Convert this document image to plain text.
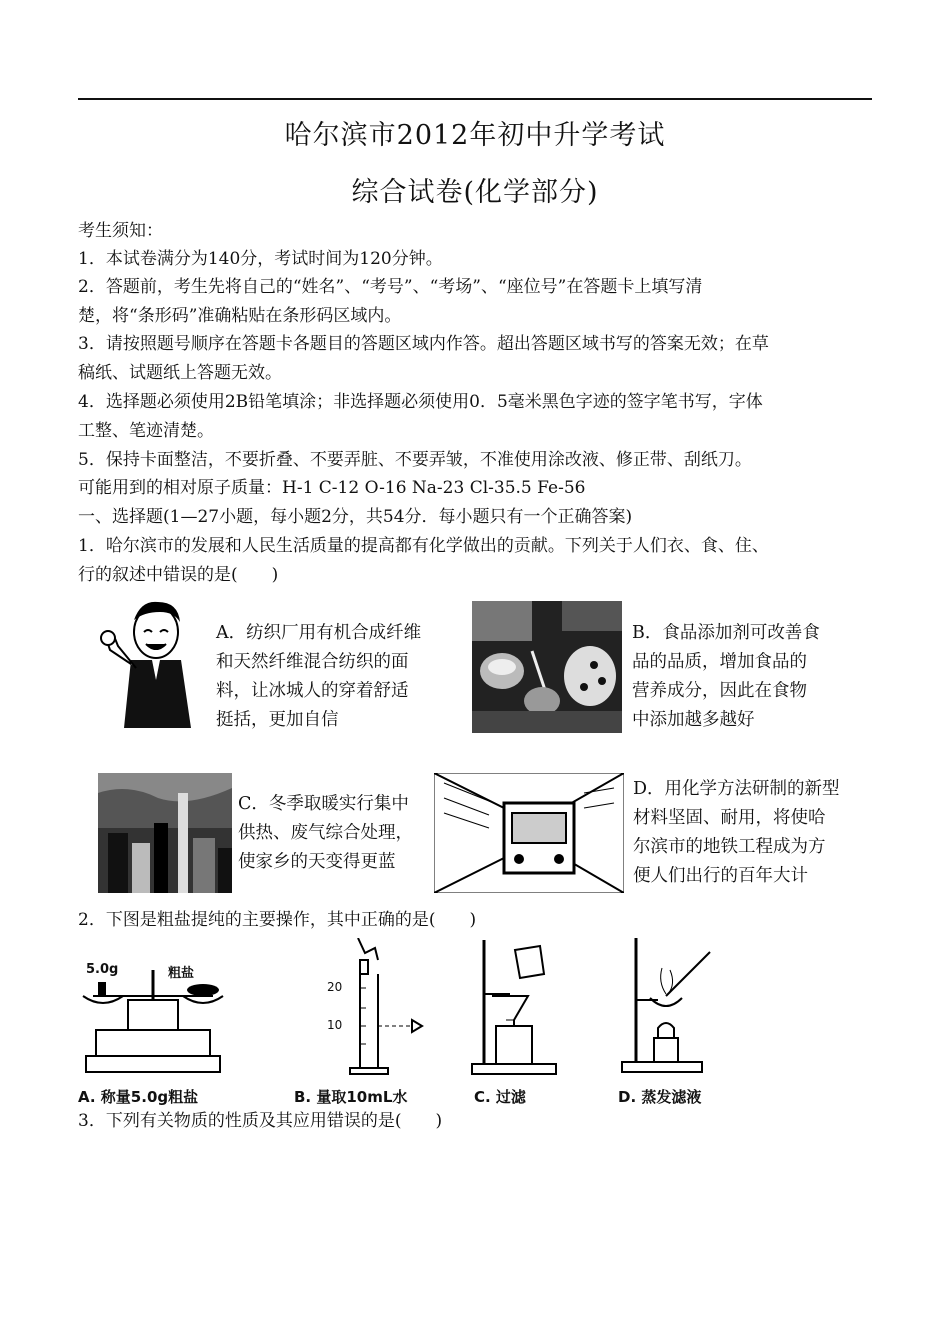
哈尔滨市2012年初中升学考试
综合试卷(化学部分)
考生须知：
1．本试卷满分为140分，考试时间为120分钟。
2．答题前，考生先将自己的“姓名”、“考号”、“考场”、“座位号”在答题卡上填写清
楚，将“条形码”准确粘贴在条形码区域内。
3．请按照题号顺序在答题卡各题目的答题区域内作答。超出答题区域书写的答案无效；在草
稿纸、试题纸上答题无效。
4．选择题必须使用2B铅笔填涂；非选择题必须使用0．5毫米黑色字迹的签字笔书写，字体
工整、笔迹清楚。
5．保持卡面整洁，不要折叠、不要弄脏、不要弄皱，不准使用涂改液、修正带、刮纸刀。
可能用到的相对原子质量：H-1 C-12 O-16 Na-23 Cl-35.5 Fe-56
一、选择题(1—27小题，每小题2分，共54分．每小题只有一个正确答案)
1．哈尔滨市的发展和人民生活质量的提高都有化学做出的贡献。下列关于人们衣、食、住、
行的叙述中错误的是(　　)
A．纺织厂用有机合成纤维
和天然纤维混合纺织的面
料，让冰城人的穿着舒适
挺括，更加自信
B．食品添加剂可改善食
品的品质，增加食品的
营养成分，因此在食物
中添加越多越好
C．冬季取暖实行集中
供热、废气综合处理，
使家乡的天变得更蓝
D．用化学方法研制的新型
材料坚固、耐用，将使哈
尔滨市的地铁工程成为方
便人们出行的百年大计
2．下图是粗盐提纯的主要操作，其中正确的是(　　)
5.0g	粗盐
20
10
A. 称量5.0g粗盐	B. 量取10mL水	C. 过滤	D. 蒸发滤液
3．下列有关物质的性质及其应用错误的是(　　)
